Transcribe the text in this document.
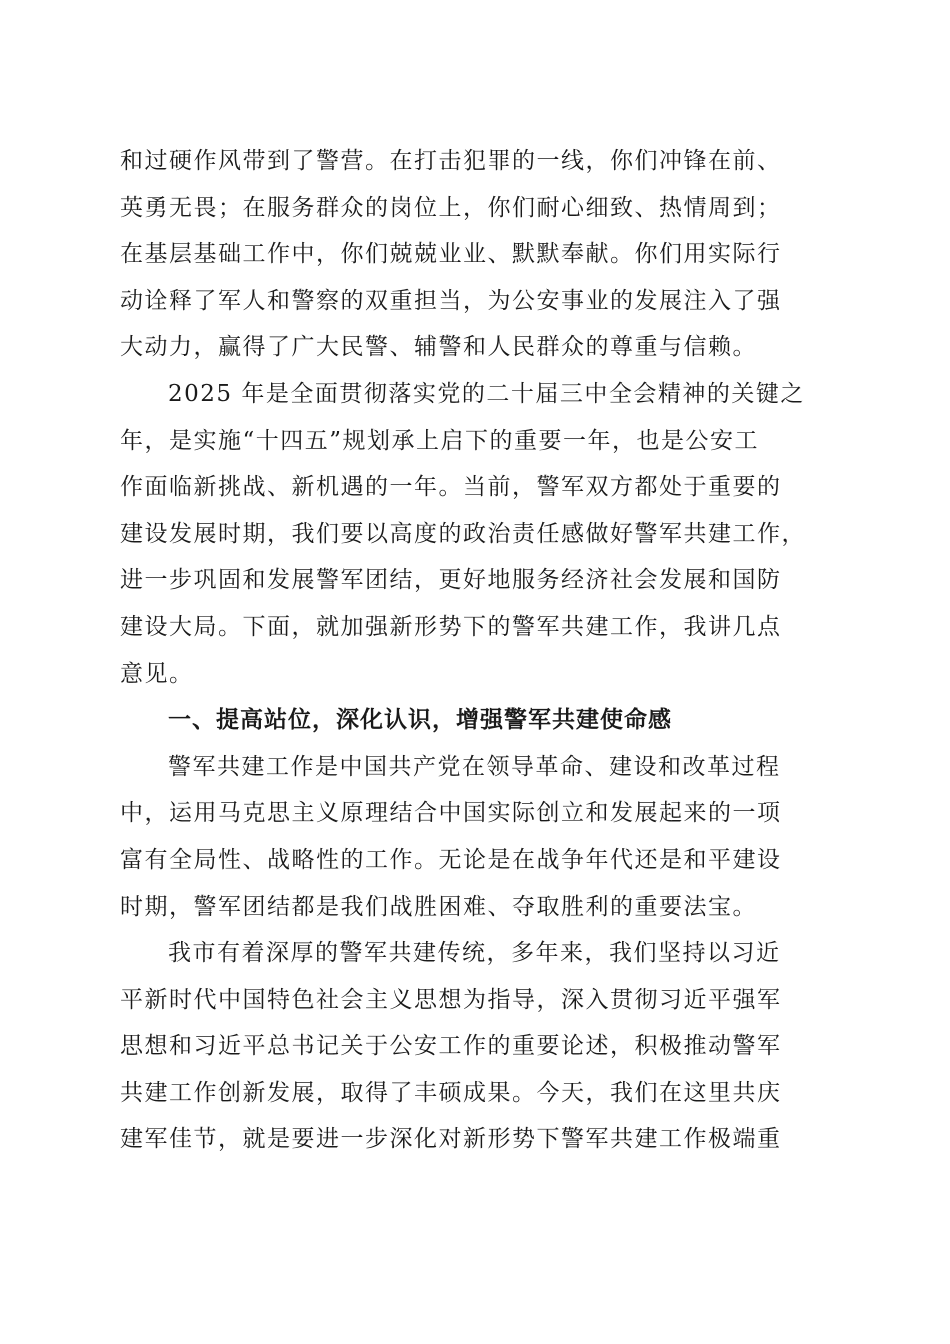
和过硬作风带到了警营。在打击犯罪的一线，你们冲锋在前、
英勇无畏；在服务群众的岗位上，你们耐心细致、热情周到；
在基层基础工作中，你们兢兢业业、默默奉献。你们用实际行
动诠释了军人和警察的双重担当，为公安事业的发展注入了强
大动力，赢得了广大民警、辅警和人民群众的尊重与信赖。
2025 年是全面贯彻落实党的二十届三中全会精神的关键之
年，是实施“十四五”规划承上启下的重要一年，也是公安工
作面临新挑战、新机遇的一年。当前，警军双方都处于重要的
建设发展时期，我们要以高度的政治责任感做好警军共建工作，
进一步巩固和发展警军团结，更好地服务经济社会发展和国防
建设大局。下面，就加强新形势下的警军共建工作，我讲几点
意见。
一、提高站位，深化认识，增强警军共建使命感
警军共建工作是中国共产党在领导革命、建设和改革过程
中，运用马克思主义原理结合中国实际创立和发展起来的一项
富有全局性、战略性的工作。无论是在战争年代还是和平建设
时期，警军团结都是我们战胜困难、夺取胜利的重要法宝。
我市有着深厚的警军共建传统，多年来，我们坚持以习近
平新时代中国特色社会主义思想为指导，深入贯彻习近平强军
思想和习近平总书记关于公安工作的重要论述，积极推动警军
共建工作创新发展，取得了丰硕成果。今天，我们在这里共庆
建军佳节，就是要进一步深化对新形势下警军共建工作极端重
